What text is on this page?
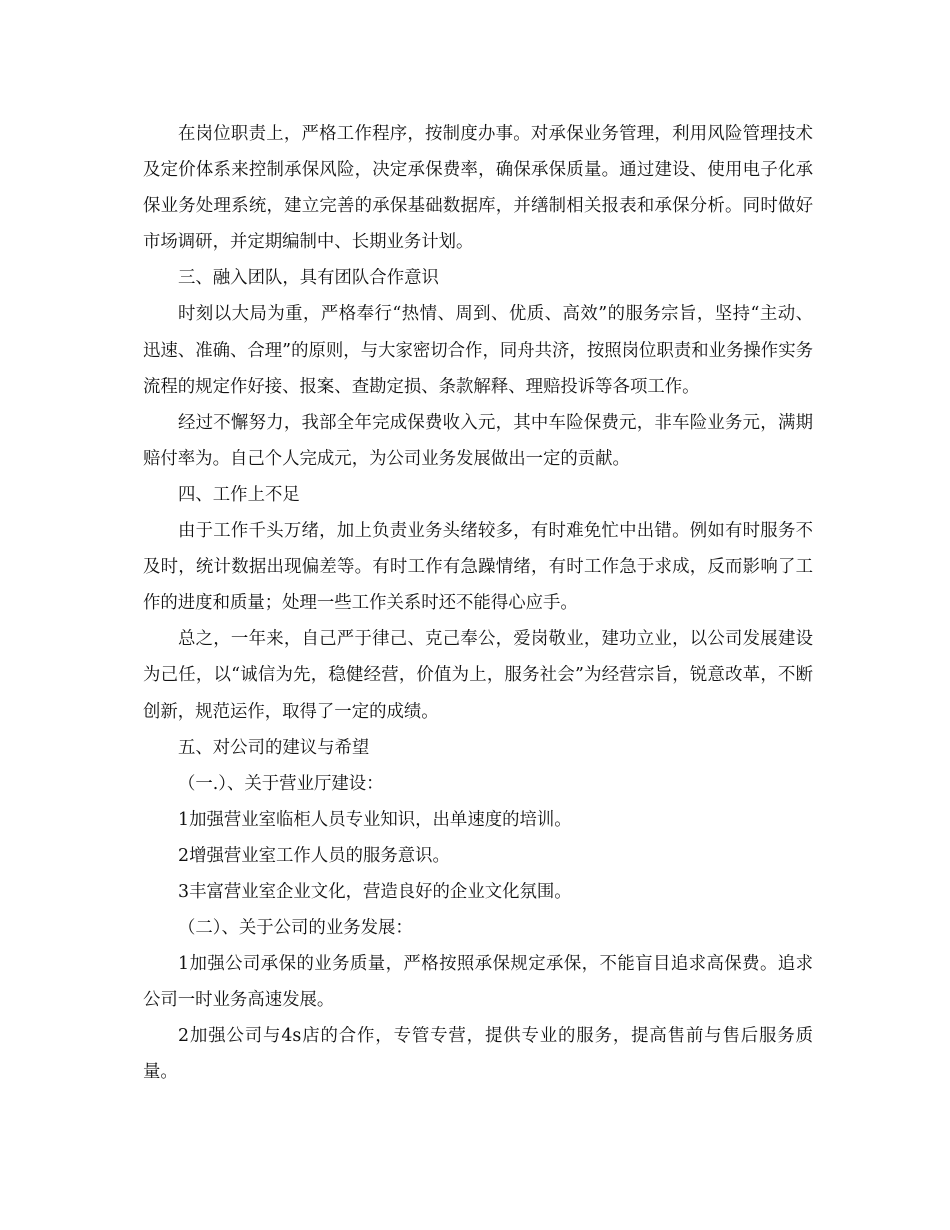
在岗位职责上，严格工作程序，按制度办事。对承保业务管理，利用风险管理技术及定价体系来控制承保风险，决定承保费率，确保承保质量。通过建设、使用电子化承保业务处理系统，建立完善的承保基础数据库，并缮制相关报表和承保分析。同时做好市场调研，并定期编制中、长期业务计划。

三、融入团队，具有团队合作意识

时刻以大局为重，严格奉行“热情、周到、优质、高效”的服务宗旨，坚持“主动、迅速、准确、合理”的原则，与大家密切合作，同舟共济，按照岗位职责和业务操作实务流程的规定作好接、报案、查勘定损、条款解释、理赔投诉等各项工作。

经过不懈努力，我部全年完成保费收入元，其中车险保费元，非车险业务元，满期赔付率为。自己个人完成元，为公司业务发展做出一定的贡献。

四、工作上不足

由于工作千头万绪，加上负责业务头绪较多，有时难免忙中出错。例如有时服务不及时，统计数据出现偏差等。有时工作有急躁情绪，有时工作急于求成，反而影响了工作的进度和质量；处理一些工作关系时还不能得心应手。

总之，一年来，自己严于律己、克己奉公，爱岗敬业，建功立业，以公司发展建设为己任，以“诚信为先，稳健经营，价值为上，服务社会”为经营宗旨，锐意改革，不断创新，规范运作，取得了一定的成绩。

五、对公司的建议与希望

（一.）、关于营业厅建设：

1加强营业室临柜人员专业知识，出单速度的培训。

2增强营业室工作人员的服务意识。

3丰富营业室企业文化，营造良好的企业文化氛围。

（二）、关于公司的业务发展：

1加强公司承保的业务质量，严格按照承保规定承保，不能盲目追求高保费。追求公司一时业务高速发展。

2加强公司与4s店的合作，专管专营，提供专业的服务，提高售前与售后服务质量。
